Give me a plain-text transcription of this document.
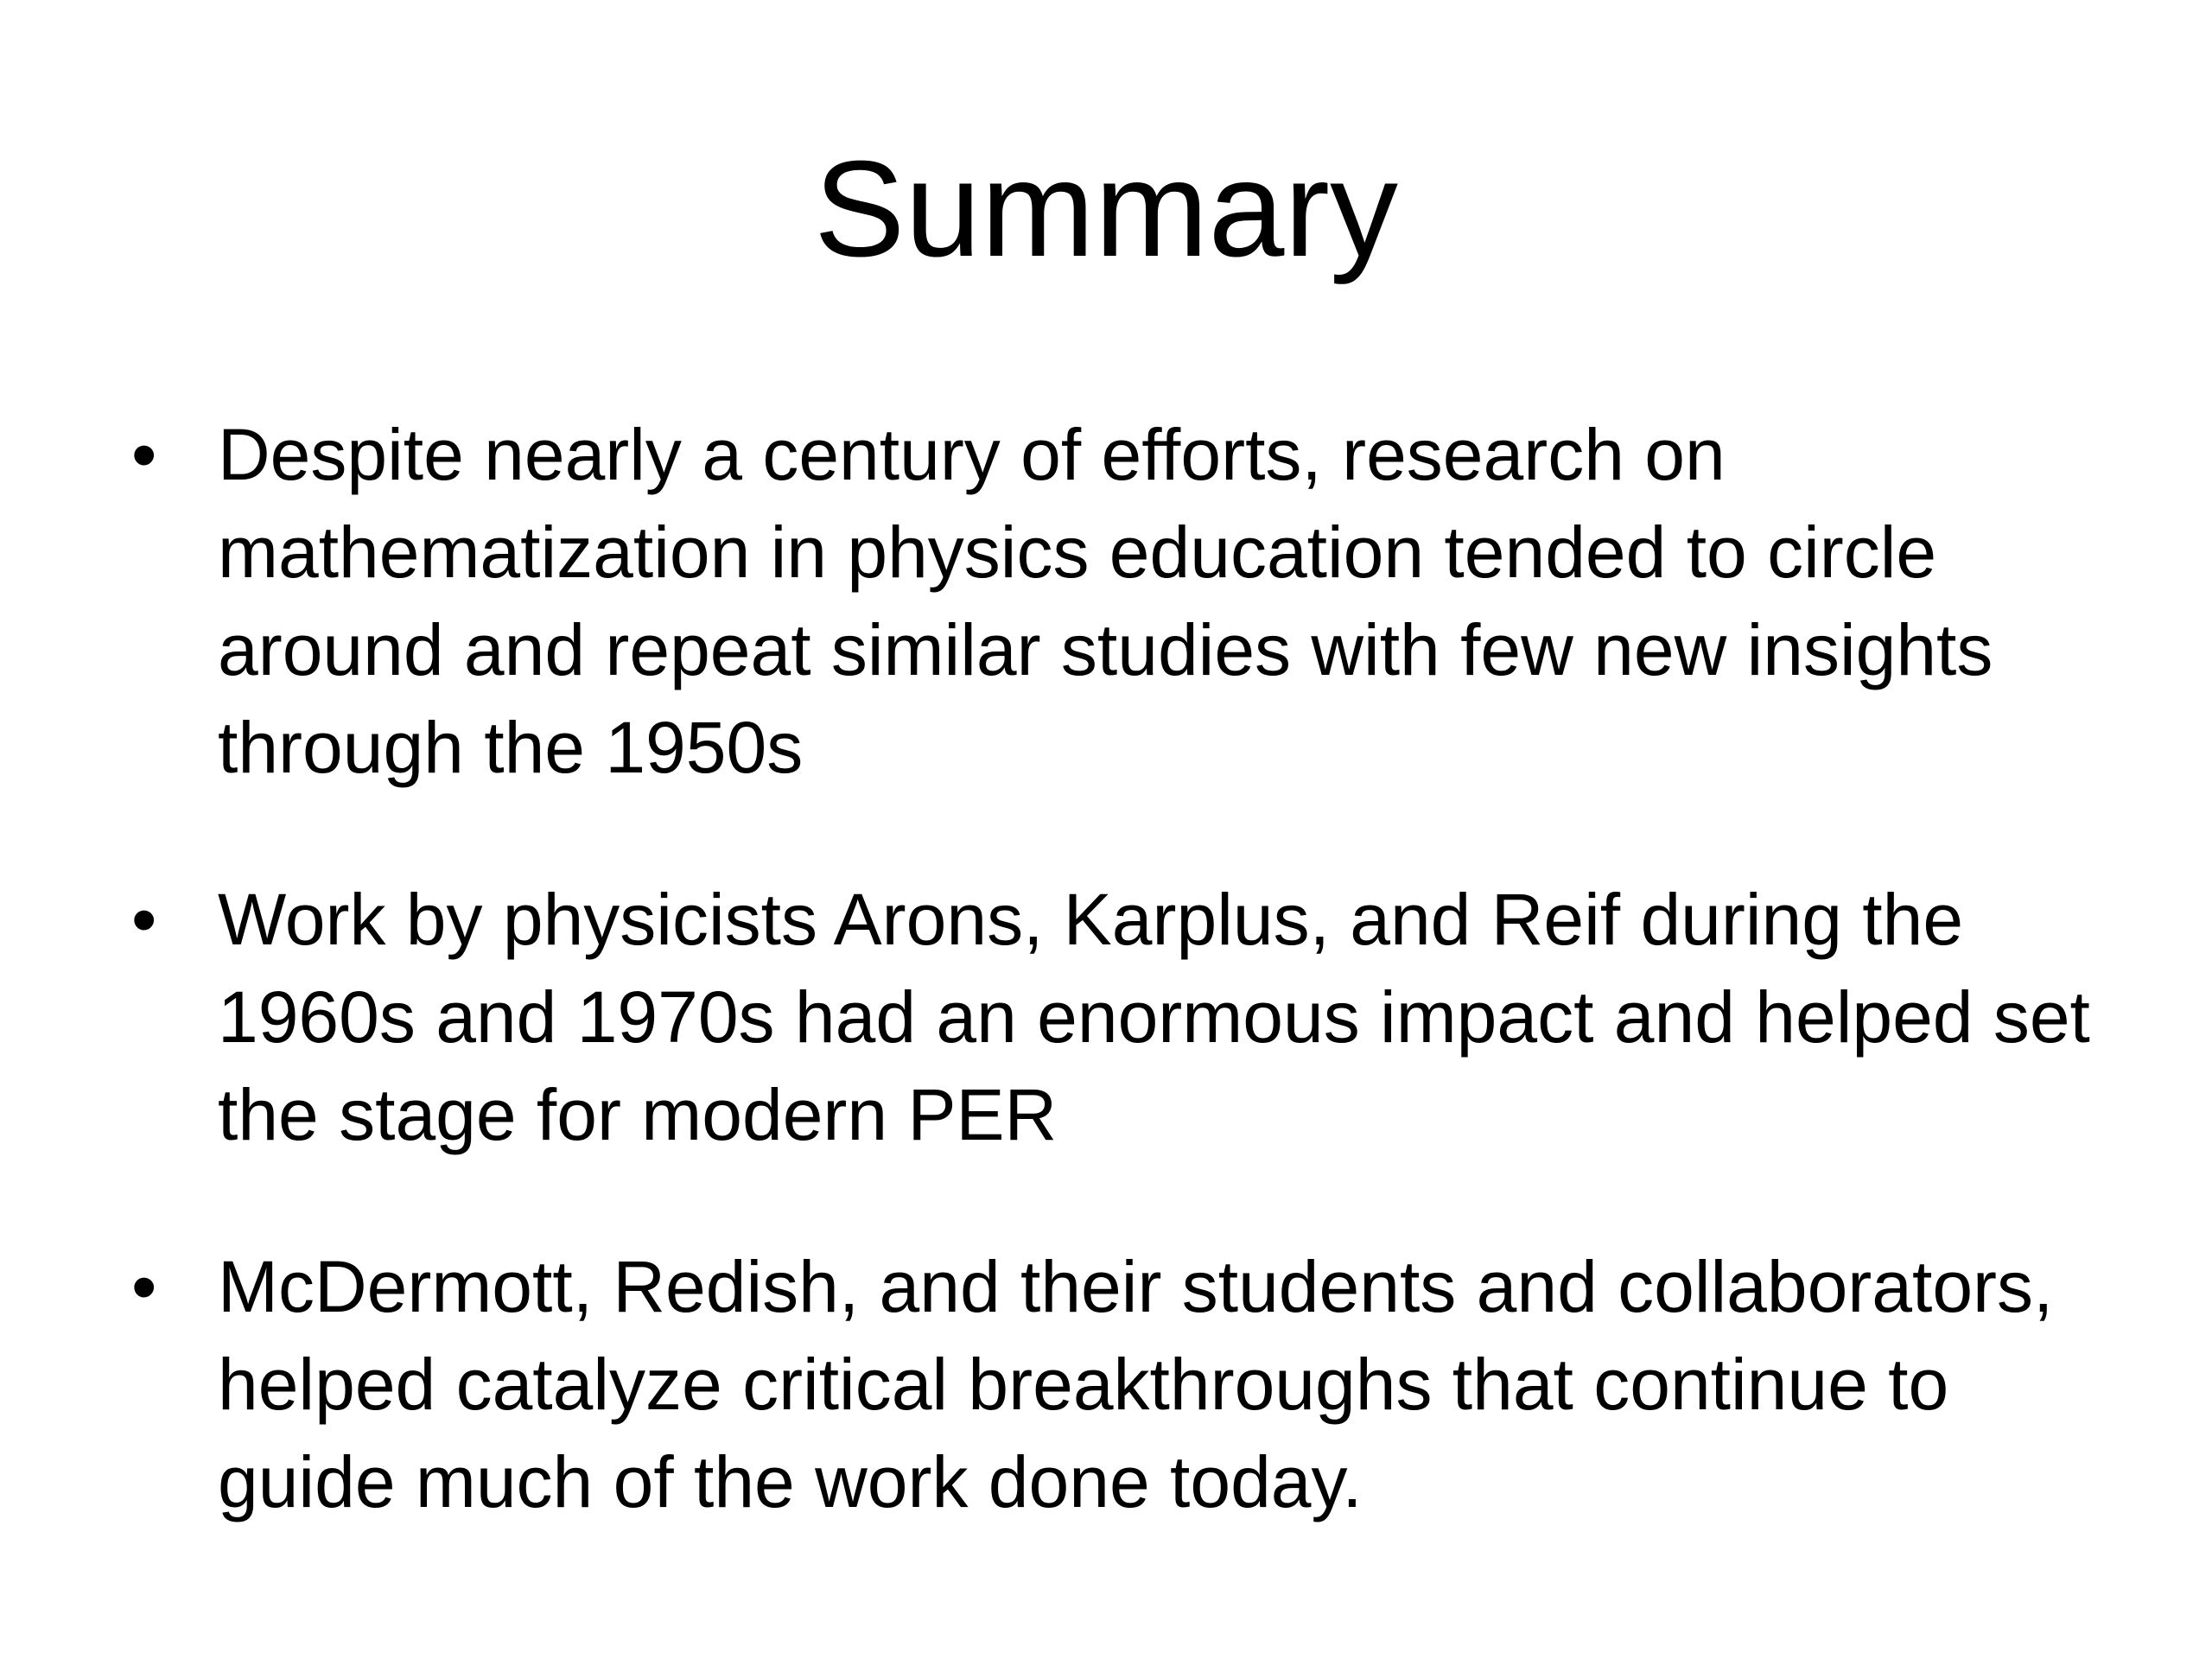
Summary
• Despite nearly a century of efforts, research on mathematization in physics education tended to circle around and repeat similar studies with few new insights through the 1950s
• Work by physicists Arons, Karplus, and Reif during the 1960s and 1970s had an enormous impact and helped set the stage for modern PER
• McDermott, Redish, and their students and collaborators, helped catalyze critical breakthroughs that continue to guide much of the work done today.
